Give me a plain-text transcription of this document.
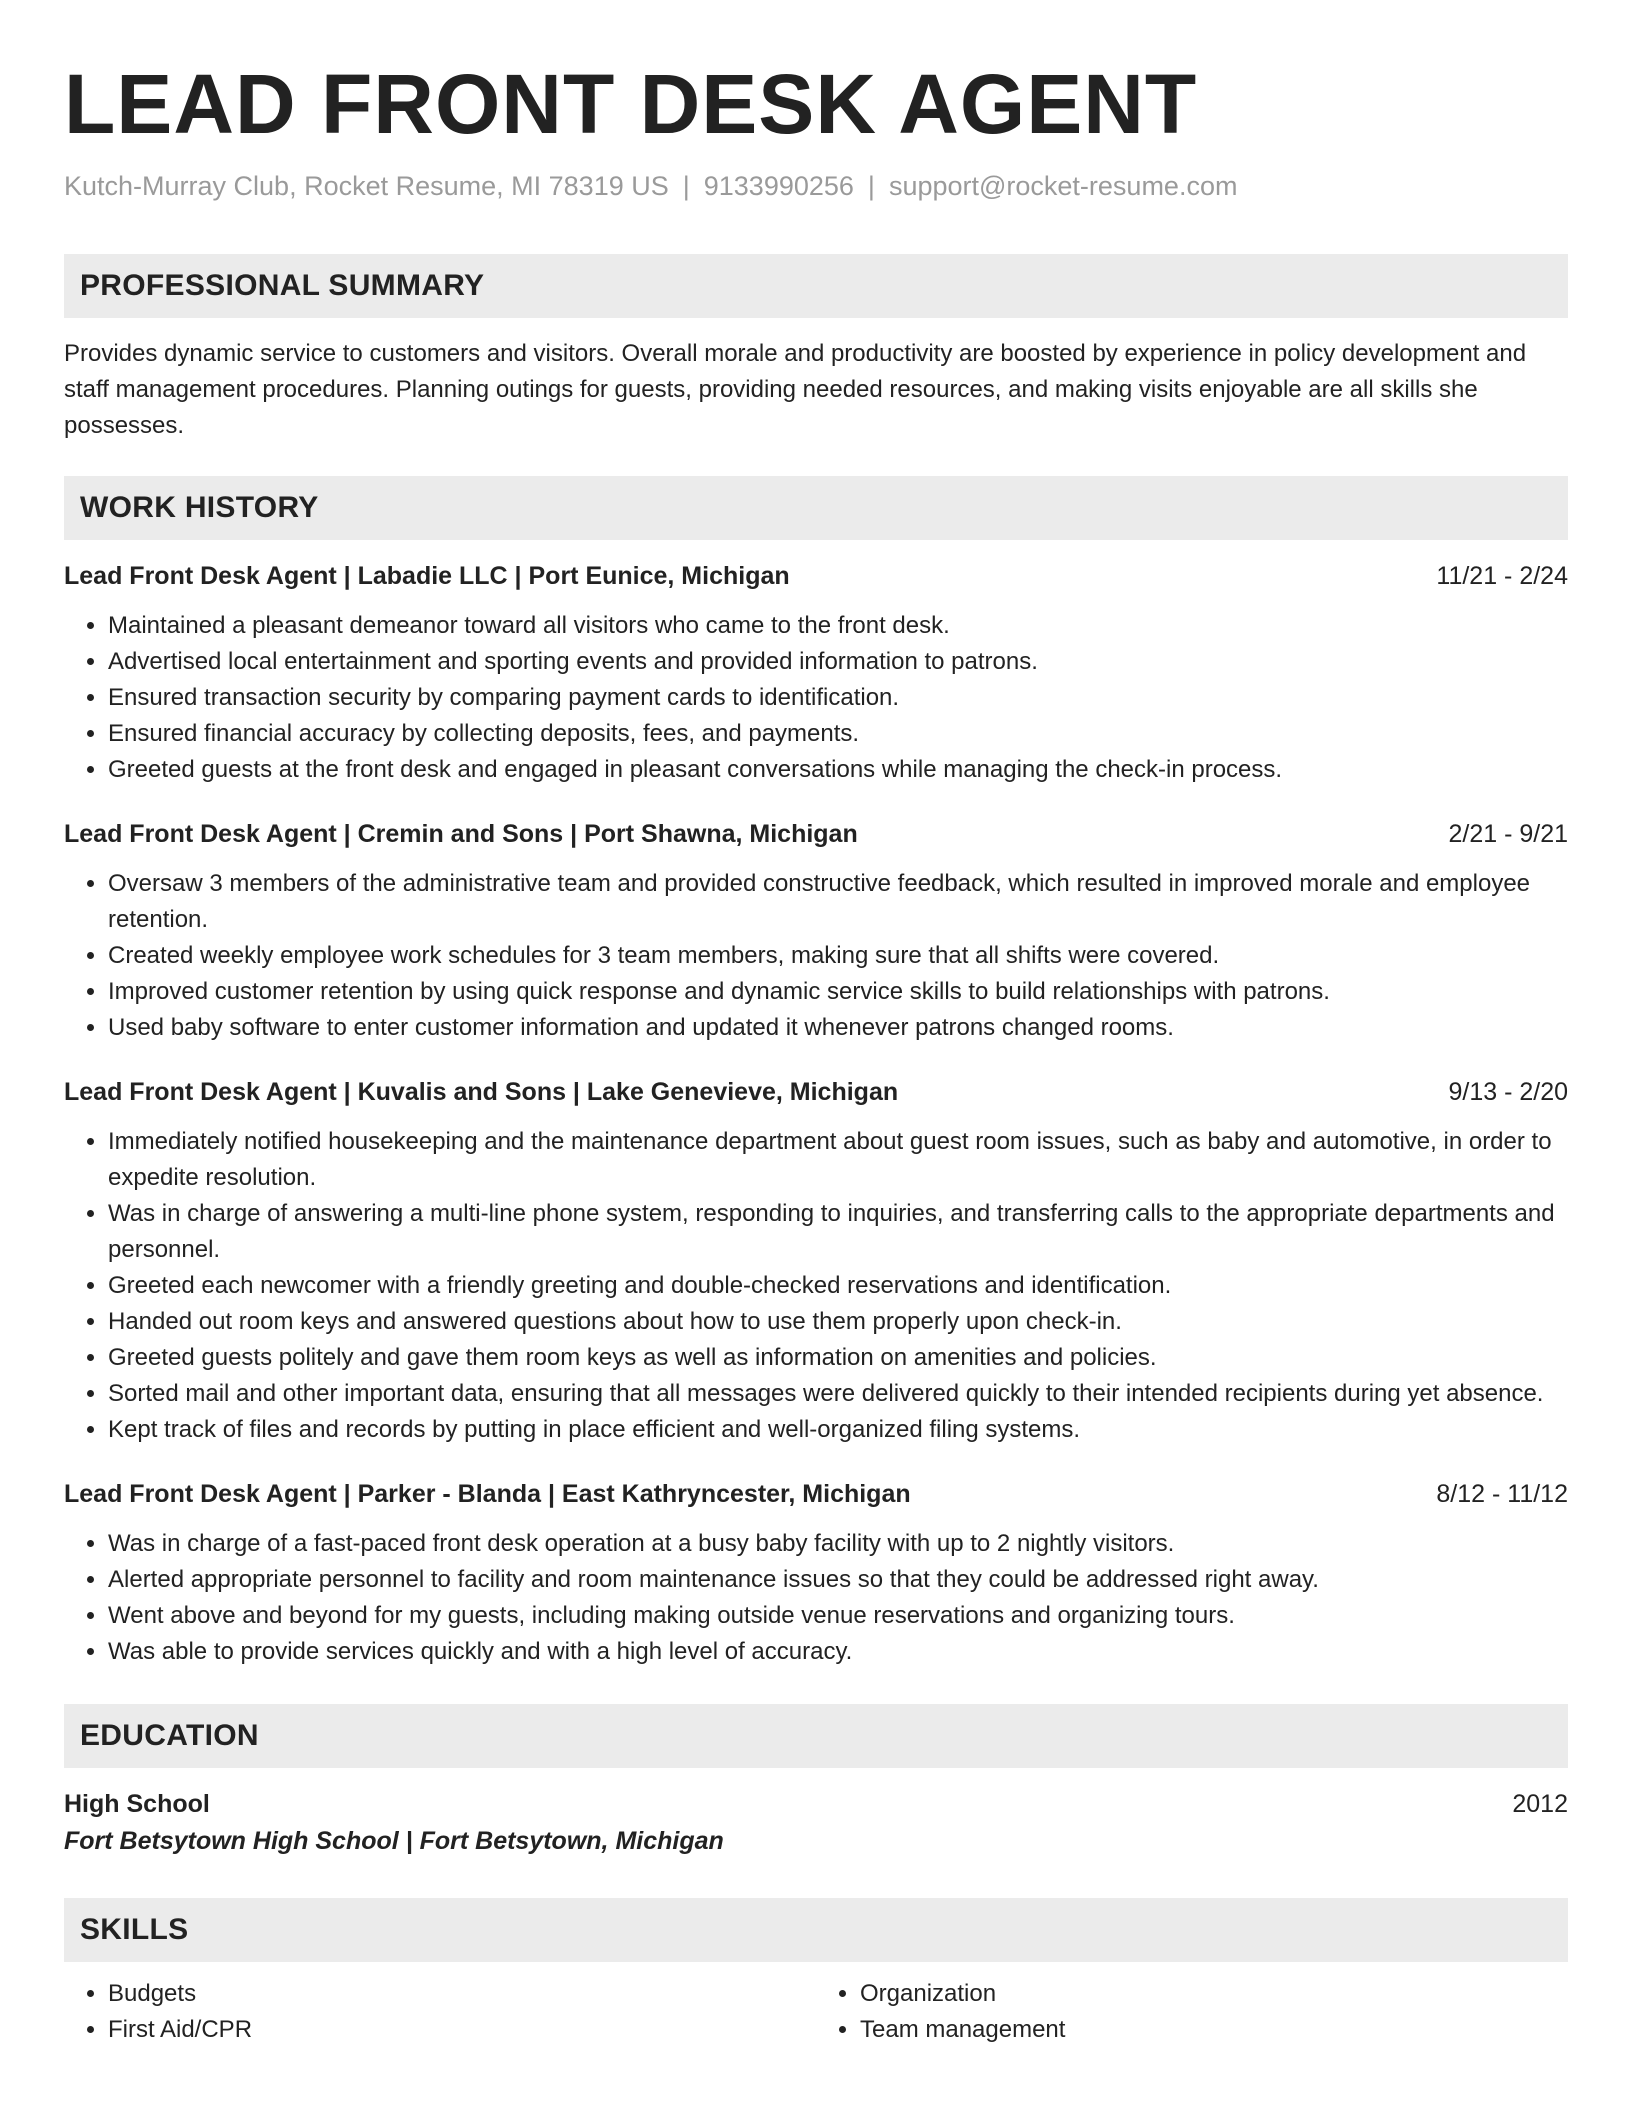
LEAD FRONT DESK AGENT
Kutch-Murray Club, Rocket Resume, MI 78319 US | 9133990256 | support@rocket-resume.com
PROFESSIONAL SUMMARY
Provides dynamic service to customers and visitors. Overall morale and productivity are boosted by experience in policy development and staff management procedures. Planning outings for guests, providing needed resources, and making visits enjoyable are all skills she possesses.
WORK HISTORY
Lead Front Desk Agent | Labadie LLC | Port Eunice, Michigan	11/21 - 2/24
• Maintained a pleasant demeanor toward all visitors who came to the front desk.
• Advertised local entertainment and sporting events and provided information to patrons.
• Ensured transaction security by comparing payment cards to identification.
• Ensured financial accuracy by collecting deposits, fees, and payments.
• Greeted guests at the front desk and engaged in pleasant conversations while managing the check-in process.
Lead Front Desk Agent | Cremin and Sons | Port Shawna, Michigan	2/21 - 9/21
• Oversaw 3 members of the administrative team and provided constructive feedback, which resulted in improved morale and employee retention.
• Created weekly employee work schedules for 3 team members, making sure that all shifts were covered.
• Improved customer retention by using quick response and dynamic service skills to build relationships with patrons.
• Used baby software to enter customer information and updated it whenever patrons changed rooms.
Lead Front Desk Agent | Kuvalis and Sons | Lake Genevieve, Michigan	9/13 - 2/20
• Immediately notified housekeeping and the maintenance department about guest room issues, such as baby and automotive, in order to expedite resolution.
• Was in charge of answering a multi-line phone system, responding to inquiries, and transferring calls to the appropriate departments and personnel.
• Greeted each newcomer with a friendly greeting and double-checked reservations and identification.
• Handed out room keys and answered questions about how to use them properly upon check-in.
• Greeted guests politely and gave them room keys as well as information on amenities and policies.
• Sorted mail and other important data, ensuring that all messages were delivered quickly to their intended recipients during yet absence.
• Kept track of files and records by putting in place efficient and well-organized filing systems.
Lead Front Desk Agent | Parker - Blanda | East Kathryncester, Michigan	8/12 - 11/12
• Was in charge of a fast-paced front desk operation at a busy baby facility with up to 2 nightly visitors.
• Alerted appropriate personnel to facility and room maintenance issues so that they could be addressed right away.
• Went above and beyond for my guests, including making outside venue reservations and organizing tours.
• Was able to provide services quickly and with a high level of accuracy.
EDUCATION
High School	2012
Fort Betsytown High School | Fort Betsytown, Michigan
SKILLS
• Budgets
• First Aid/CPR
• Organization
• Team management
